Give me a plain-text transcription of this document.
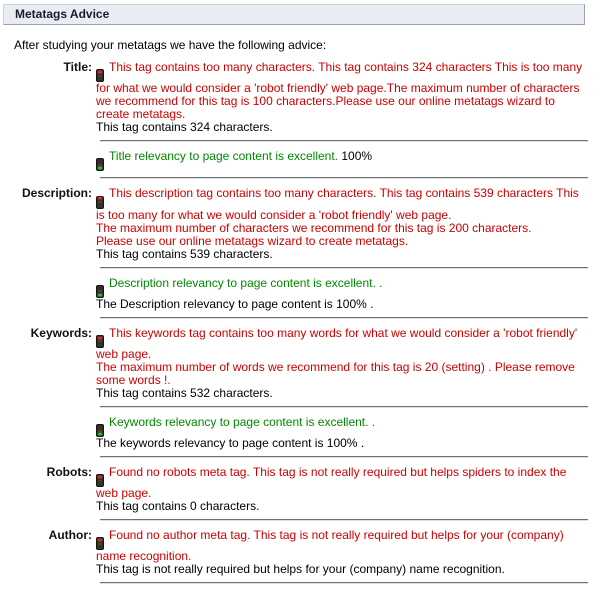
Metatags Advice
After studying your metatags we have the following advice:
Title:	This tag contains too many characters. This tag contains 324 characters This is too many for what we would consider a 'robot friendly' web page.The maximum number of characters we recommend for this tag is 100 characters.Please use our online metatags wizard to create metatags.
This tag contains 324 characters.
Title relevancy to page content is excellent. 100%
Description:	This description tag contains too many characters. This tag contains 539 characters This is too many for what we would consider a 'robot friendly' web page.
The maximum number of characters we recommend for this tag is 200 characters.
Please use our online metatags wizard to create metatags.
This tag contains 539 characters.
Description relevancy to page content is excellent. .
The Description relevancy to page content is 100% .
Keywords:	This keywords tag contains too many words for what we would consider a 'robot friendly' web page.
The maximum number of words we recommend for this tag is 20 (setting) . Please remove some words !.
This tag contains 532 characters.
Keywords relevancy to page content is excellent. .
The keywords relevancy to page content is 100% .
Robots:	Found no robots meta tag. This tag is not really required but helps spiders to index the web page.
This tag contains 0 characters.
Author:	Found no author meta tag. This tag is not really required but helps for your (company) name recognition.
This tag is not really required but helps for your (company) name recognition.
